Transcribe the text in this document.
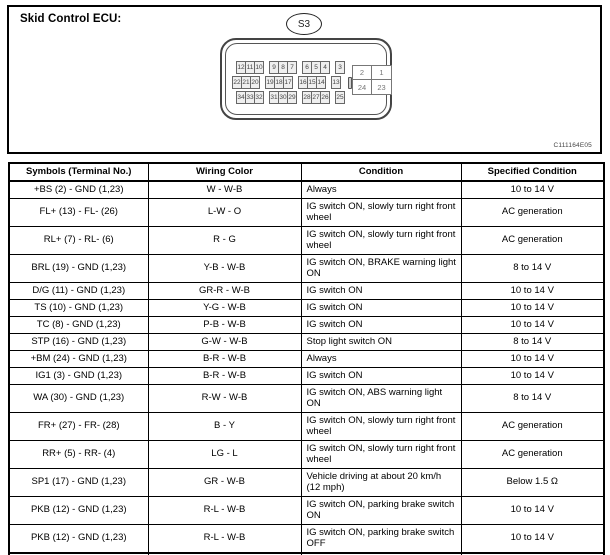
Skid Control ECU:	S3
12 11 10	9 8 7	6 5 4	3
22 21 20 19 18 17 16 15 14 13
34 33 32 31 30 29 28 27 26 25
2	1
24	23
C111164E05
Symbols (Terminal No.)	Wiring Color	Condition	Specified Condition
+BS (2) - GND (1,23)	W - W-B	Always	10 to 14 V
FL+ (13) - FL- (26)	L-W - O	IG switch ON, slowly turn right front wheel	AC generation
RL+ (7) - RL- (6)	R - G	IG switch ON, slowly turn right front wheel	AC generation
BRL (19) - GND (1,23)	Y-B - W-B	IG switch ON, BRAKE warning light ON	8 to 14 V
D/G (11) - GND (1,23)	GR-R - W-B	IG switch ON	10 to 14 V
TS (10) - GND (1,23)	Y-G - W-B	IG switch ON	10 to 14 V
TC (8) - GND (1,23)	P-B - W-B	IG switch ON	10 to 14 V
STP (16) - GND (1,23)	G-W - W-B	Stop light switch ON	8 to 14 V
+BM (24) - GND (1,23)	B-R - W-B	Always	10 to 14 V
IG1 (3) - GND (1,23)	B-R - W-B	IG switch ON	10 to 14 V
WA (30) - GND (1,23)	R-W - W-B	IG switch ON, ABS warning light ON	8 to 14 V
FR+ (27) - FR- (28)	B - Y	IG switch ON, slowly turn right front wheel	AC generation
RR+ (5) - RR- (4)	LG - L	IG switch ON, slowly turn right front wheel	AC generation
SP1 (17) - GND (1,23)	GR - W-B	Vehicle driving at about 20 km/h (12 mph)	Below 1.5 Ω
PKB (12) - GND (1,23)	R-L - W-B	IG switch ON, parking brake switch ON	10 to 14 V
PKB (12) - GND (1,23)	R-L - W-B	IG switch ON, parking brake switch OFF	10 to 14 V
